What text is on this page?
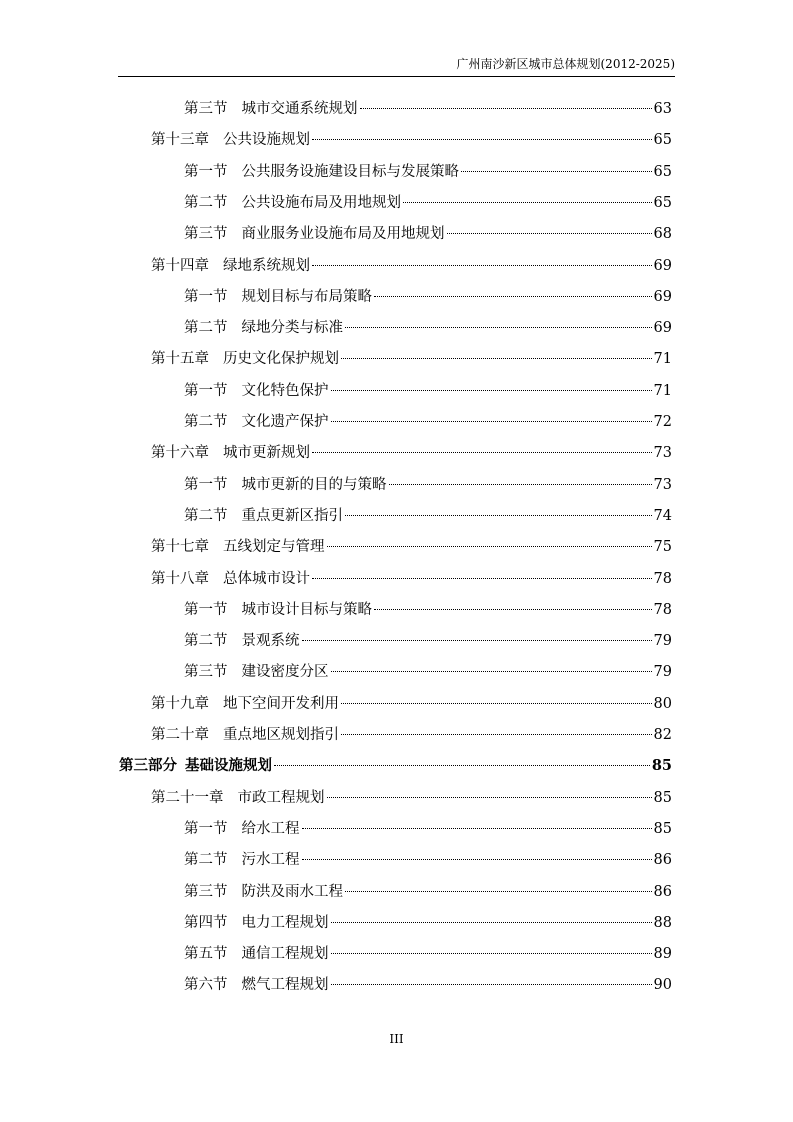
广州南沙新区城市总体规划(2012-2025)
第三节 城市交通系统规划	63
第十三章 公共设施规划	65
第一节 公共服务设施建设目标与发展策略	65
第二节 公共设施布局及用地规划	65
第三节 商业服务业设施布局及用地规划	68
第十四章 绿地系统规划	69
第一节 规划目标与布局策略	69
第二节 绿地分类与标准	69
第十五章 历史文化保护规划	71
第一节 文化特色保护	71
第二节 文化遗产保护	72
第十六章 城市更新规划	73
第一节 城市更新的目的与策略	73
第二节 重点更新区指引	74
第十七章 五线划定与管理	75
第十八章 总体城市设计	78
第一节 城市设计目标与策略	78
第二节 景观系统	79
第三节 建设密度分区	79
第十九章 地下空间开发利用	80
第二十章 重点地区规划指引	82
第三部分 基础设施规划	85
第二十一章 市政工程规划	85
第一节 给水工程	85
第二节 污水工程	86
第三节 防洪及雨水工程	86
第四节 电力工程规划	88
第五节 通信工程规划	89
第六节 燃气工程规划	90
III
